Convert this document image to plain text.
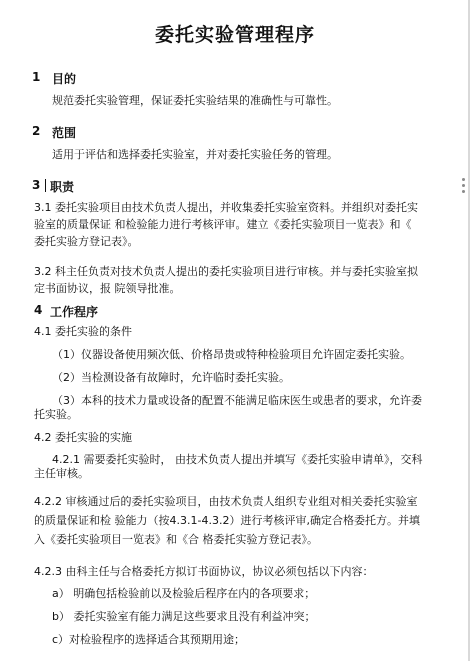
委托实验管理程序
1 目的
规范委托实验管理，保证委托实验结果的准确性与可靠性。
2 范围
适用于评估和选择委托实验室，并对委托实验任务的管理。
3 职责
3.1 委托实验项目由技术负责人提出，并收集委托实验室资料。并组织对委托实
验室的质量保证 和检验能力进行考核评审。建立《委托实验项目一览表》和《
委托实验方登记表》。
3.2 科主任负责对技术负责人提出的委托实验项目进行审核。并与委托实验室拟
定书面协议，报 院领导批准。
4 工作程序
4.1 委托实验的条件
（1）仪器设备使用频次低、价格昂贵或特种检验项目允许固定委托实验。
（2）当检测设备有故障时，允许临时委托实验。
（3）本科的技术力量或设备的配置不能满足临床医生或患者的要求，允许委
托实验。
4.2 委托实验的实施
4.2.1 需要委托实验时， 由技术负责人提出并填写《委托实验申请单》，交科
主任审核。
4.2.2 审核通过后的委托实验项目，由技术负责人组织专业组对相关委托实验室
的质量保证和检 验能力（按4.3.1-4.3.2）进行考核评审,确定合格委托方。并填
入《委托实验项目一览表》和《合 格委托实验方登记表》。
4.2.3 由科主任与合格委托方拟订书面协议，协议必须包括以下内容：
a） 明确包括检验前以及检验后程序在内的各项要求；
b） 委托实验室有能力满足这些要求且没有利益冲突；
c）对检验程序的选择适合其预期用途；
